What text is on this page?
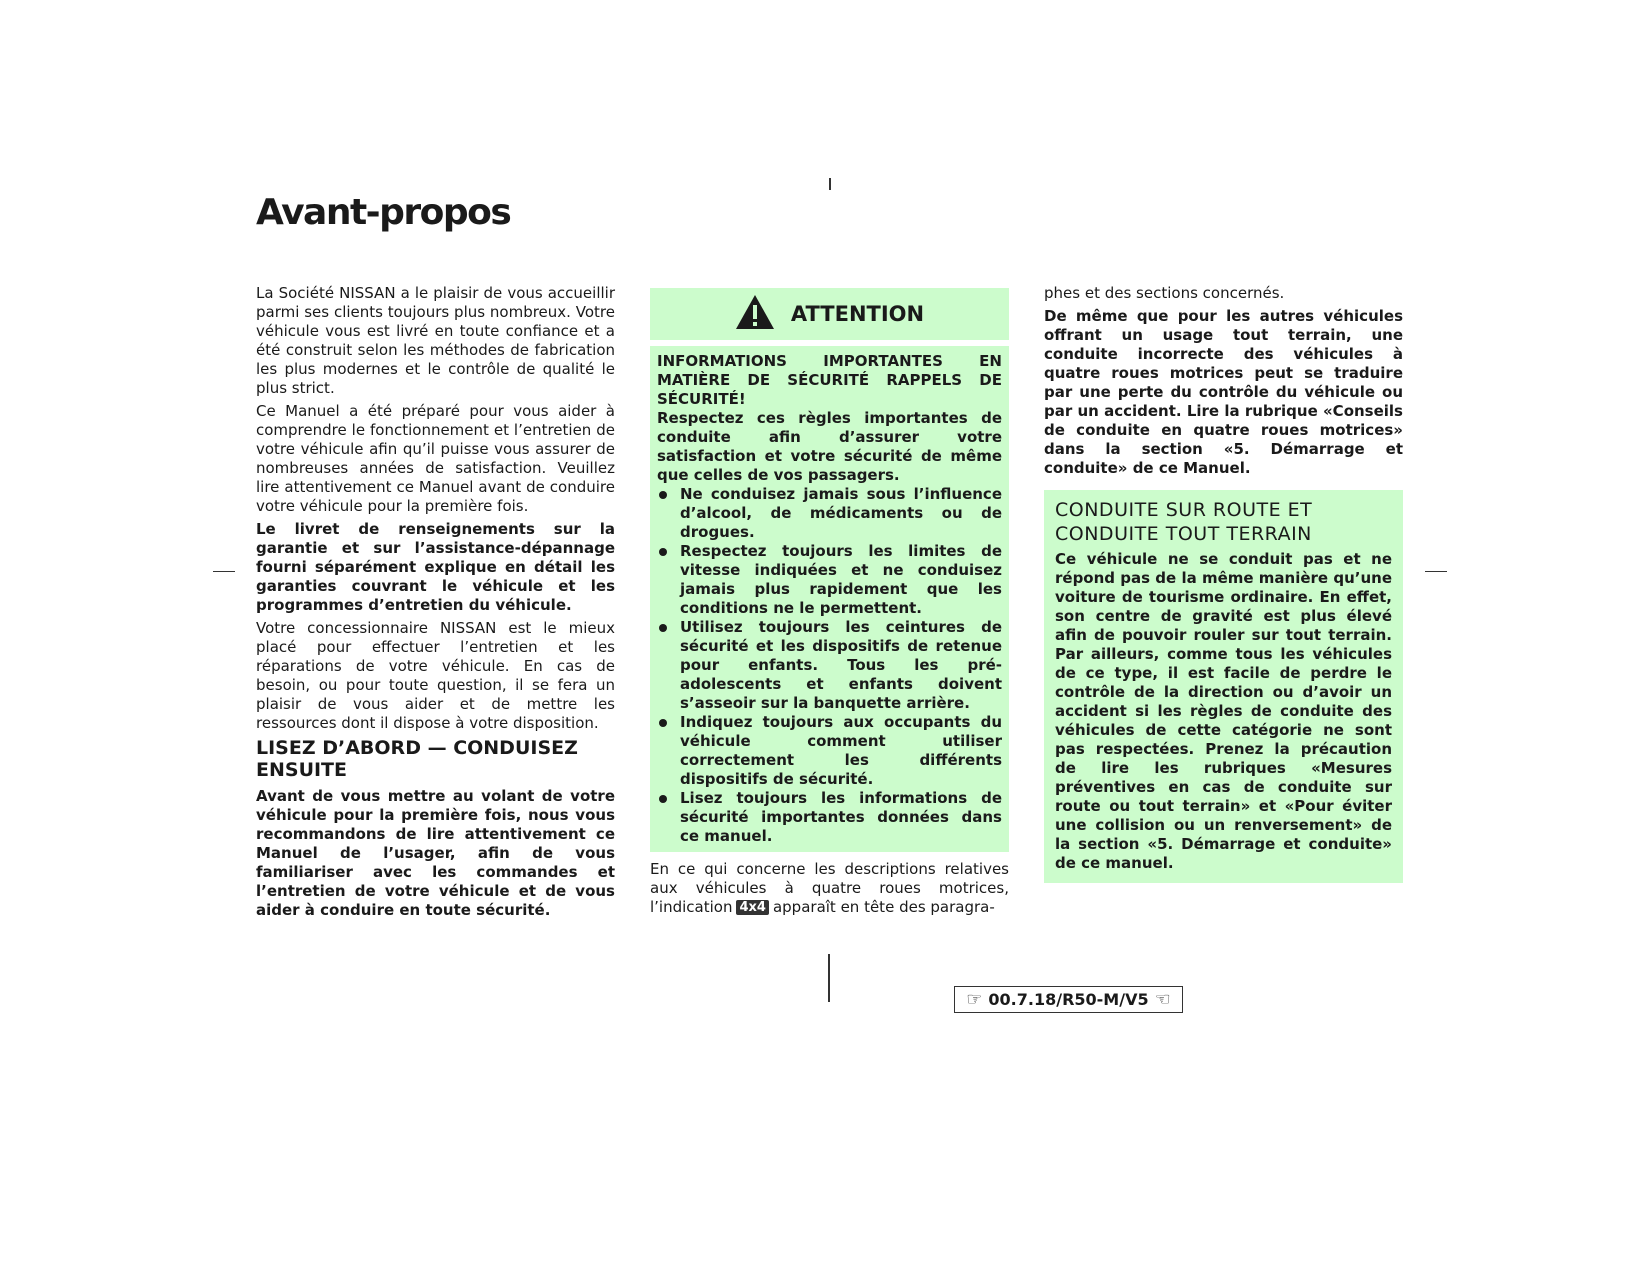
Avant-propos

La Société NISSAN a le plaisir de vous accueillir parmi ses clients toujours plus nombreux. Votre véhicule vous est livré en toute confiance et a été construit selon les méthodes de fabrication les plus modernes et le contrôle de qualité le plus strict.

Ce Manuel a été préparé pour vous aider à comprendre le fonctionnement et l’entretien de votre véhicule afin qu’il puisse vous assurer de nombreuses années de satisfaction. Veuillez lire attentivement ce Manuel avant de conduire votre véhicule pour la première fois.

Le livret de renseignements sur la garantie et sur l’assistance-dépannage fourni séparément explique en détail les garanties couvrant le véhicule et les programmes d’entretien du véhicule.

Votre concessionnaire NISSAN est le mieux placé pour effectuer l’entretien et les réparations de votre véhicule. En cas de besoin, ou pour toute question, il se fera un plaisir de vous aider et de mettre les ressources dont il dispose à votre disposition.

LISEZ D’ABORD — CONDUISEZ ENSUITE

Avant de vous mettre au volant de votre véhicule pour la première fois, nous vous recommandons de lire attentivement ce Manuel de l’usager, afin de vous familiariser avec les commandes et l’entretien de votre véhicule et de vous aider à conduire en toute sécurité.

ATTENTION

INFORMATIONS IMPORTANTES EN MATIÈRE DE SÉCURITÉ RAPPELS DE SÉCURITÉ!

Respectez ces règles importantes de conduite afin d’assurer votre satisfaction et votre sécurité de même que celles de vos passagers.

Ne conduisez jamais sous l’influence d’alcool, de médicaments ou de drogues.
Respectez toujours les limites de vitesse indiquées et ne conduisez jamais plus rapidement que les conditions ne le permettent.
Utilisez toujours les ceintures de sécurité et les dispositifs de retenue pour enfants. Tous les pré-adolescents et enfants doivent s’asseoir sur la banquette arrière.
Indiquez toujours aux occupants du véhicule comment utiliser correctement les différents dispositifs de sécurité.
Lisez toujours les informations de sécurité importantes données dans ce manuel.

En ce qui concerne les descriptions relatives aux véhicules à quatre roues motrices, l’indication 4x4 apparaît en tête des paragra-

phes et des sections concernés.

De même que pour les autres véhicules offrant un usage tout terrain, une conduite incorrecte des véhicules à quatre roues motrices peut se traduire par une perte du contrôle du véhicule ou par un accident. Lire la rubrique «Conseils de conduite en quatre roues motrices» dans la section «5. Démarrage et conduite» de ce Manuel.

CONDUITE SUR ROUTE ET CONDUITE TOUT TERRAIN

Ce véhicule ne se conduit pas et ne répond pas de la même manière qu’une voiture de tourisme ordinaire. En effet, son centre de gravité est plus élevé afin de pouvoir rouler sur tout terrain. Par ailleurs, comme tous les véhicules de ce type, il est facile de perdre le contrôle de la direction ou d’avoir un accident si les règles de conduite des véhicules de cette catégorie ne sont pas respectées. Prenez la précaution de lire les rubriques «Mesures préventives en cas de conduite sur route ou tout terrain» et «Pour éviter une collision ou un renversement» de la section «5. Démarrage et conduite» de ce manuel.

☞ 00.7.18/R50-M/V5 ☜
